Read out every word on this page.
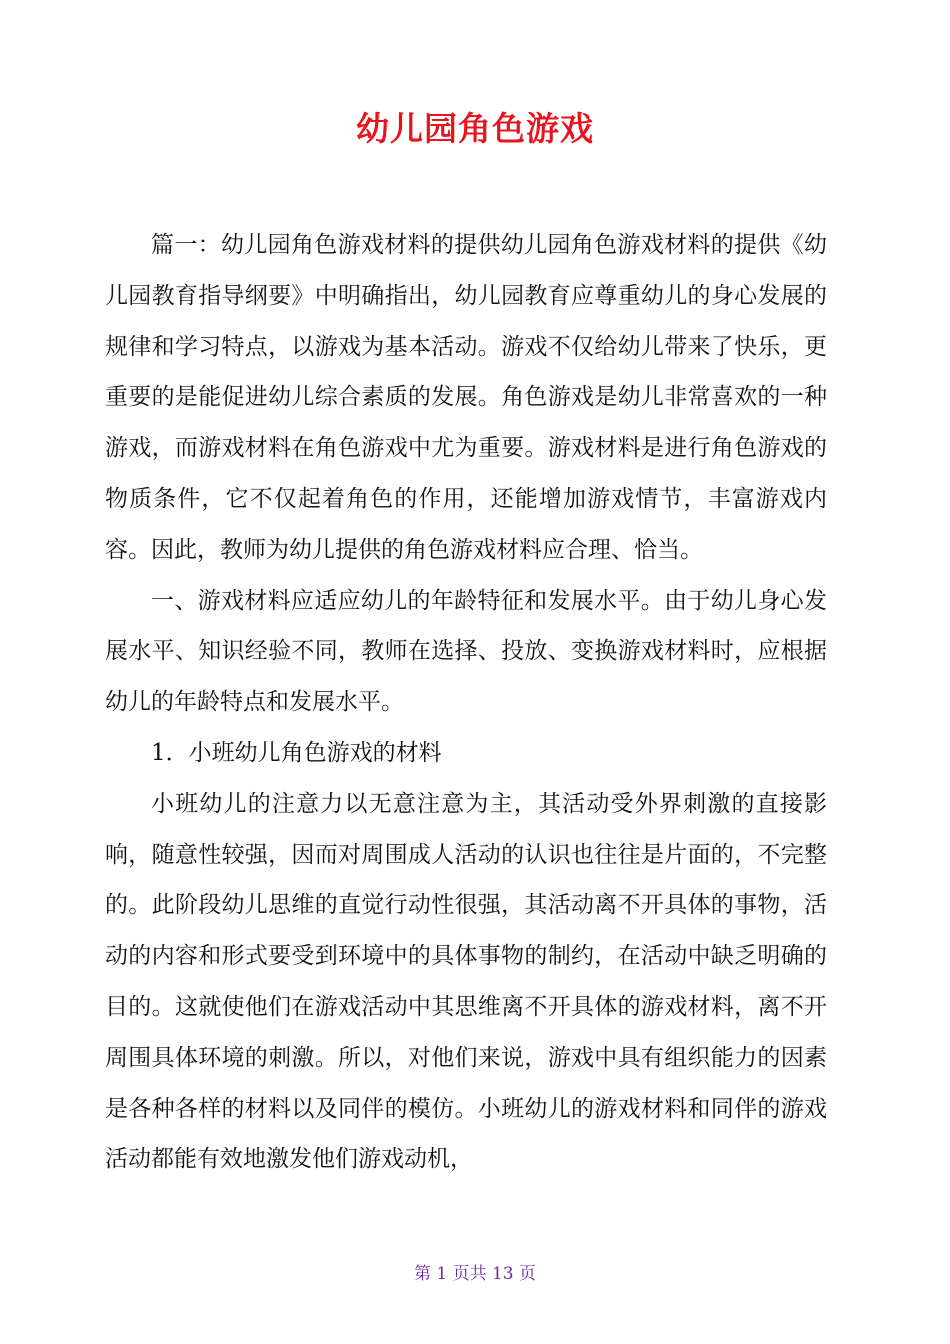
幼儿园角色游戏

篇一：幼儿园角色游戏材料的提供幼儿园角色游戏材料的提供《幼儿园教育指导纲要》中明确指出，幼儿园教育应尊重幼儿的身心发展的规律和学习特点，以游戏为基本活动。游戏不仅给幼儿带来了快乐，更重要的是能促进幼儿综合素质的发展。角色游戏是幼儿非常喜欢的一种游戏，而游戏材料在角色游戏中尤为重要。游戏材料是进行角色游戏的物质条件，它不仅起着角色的作用，还能增加游戏情节，丰富游戏内容。因此，教师为幼儿提供的角色游戏材料应合理、恰当。

一、游戏材料应适应幼儿的年龄特征和发展水平。由于幼儿身心发展水平、知识经验不同，教师在选择、投放、变换游戏材料时，应根据幼儿的年龄特点和发展水平。

1．小班幼儿角色游戏的材料

小班幼儿的注意力以无意注意为主，其活动受外界刺激的直接影响，随意性较强，因而对周围成人活动的认识也往往是片面的，不完整的。此阶段幼儿思维的直觉行动性很强，其活动离不开具体的事物，活动的内容和形式要受到环境中的具体事物的制约，在活动中缺乏明确的目的。这就使他们在游戏活动中其思维离不开具体的游戏材料，离不开周围具体环境的刺激。所以，对他们来说，游戏中具有组织能力的因素是各种各样的材料以及同伴的模仿。小班幼儿的游戏材料和同伴的游戏活动都能有效地激发他们游戏动机，

第 1 页共 13 页
